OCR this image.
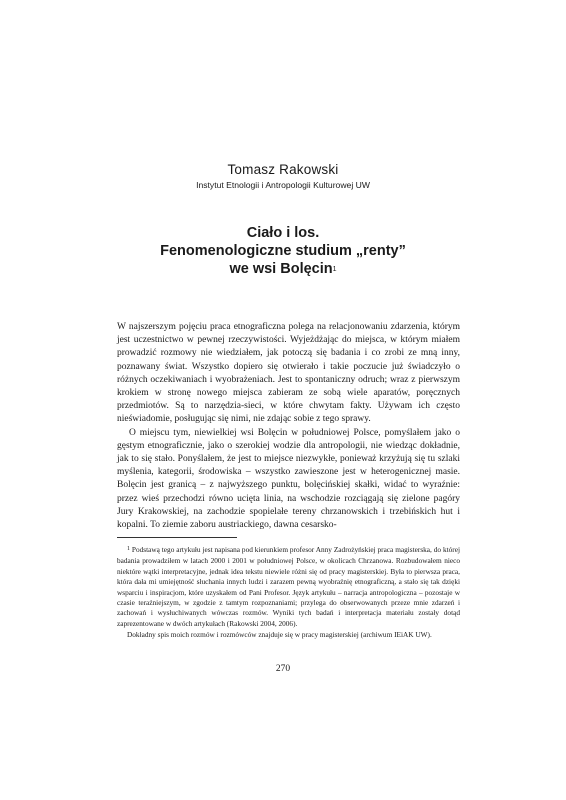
Tomasz Rakowski
Instytut Etnologii i Antropologii Kulturowej UW
Ciało i los.
Fenomenologiczne studium „renty”
we wsi Bolęcin$^1$

W najszerszym pojęciu praca etnograficzna polega na relacjonowaniu zdarzenia, którym jest uczestnictwo w pewnej rzeczywistości. Wyjeżdżając do miejsca, w którym miałem prowadzić rozmowy nie wiedziałem, jak potoczą się badania i co zrobi ze mną inny, poznawany świat. Wszystko dopiero się otwierało i takie poczucie już świadczyło o różnych oczekiwaniach i wyobrażeniach. Jest to spontaniczny odruch; wraz z pierwszym krokiem w stronę nowego miejsca zabieram ze sobą wiele aparatów, poręcznych przedmiotów. Są to narzędzia-sieci, w które chwytam fakty. Używam ich często nieświadomie, posługując się nimi, nie zdając sobie z tego sprawy.

O miejscu tym, niewielkiej wsi Bolęcin w południowej Polsce, pomyślałem jako o gęstym etnograficznie, jako o szerokiej wodzie dla antropologii, nie wiedząc dokładnie, jak to się stało. Ponyślałem, że jest to miejsce niezwykłe, ponieważ krzyżują się tu szlaki myślenia, kategorii, środowiska – wszystko zawieszone jest w heterogenicznej masie. Bolęcin jest granicą – z najwyższego punktu, bolęcińskiej skałki, widać to wyraźnie: przez wieś przechodzi równo ucięta linia, na wschodzie rozciągają się zielone pagóry Jury Krakowskiej, na zachodzie spopielałe tereny chrzanowskich i trzebińskich hut i kopalni. To ziemie zaboru austriackiego, dawna cesarsko-

$^1$ Podstawą tego artykułu jest napisana pod kierunkiem profesor Anny Zadrożyńskiej praca magisterska, do której badania prowadziłem w latach 2000 i 2001 w południowej Polsce, w okolicach Chrzanowa. Rozbudowałem nieco niektóre wątki interpretacyjne, jednak idea tekstu niewiele różni się od pracy magisterskiej. Była to pierwsza praca, która dała mi umiejętność słuchania innych ludzi i zarazem pewną wyobraźnię etnograficzną, a stało się tak dzięki wsparciu i inspiracjom, które uzyskałem od Pani Profesor. Język artykułu – narracja antropologiczna – pozostaje w czasie teraźniejszym, w zgodzie z tamtym rozpoznaniami; przylega do obserwowanych przeze mnie zdarzeń i zachowań i wysłuchiwanych wówczas rozmów. Wyniki tych badań i interpretacja materiału zostały dotąd zaprezentowane w dwóch artykułach (Rakowski 2004, 2006).

Dokładny spis moich rozmów i rozmówców znajduje się w pracy magisterskiej (archiwum IEiAK UW).

270
